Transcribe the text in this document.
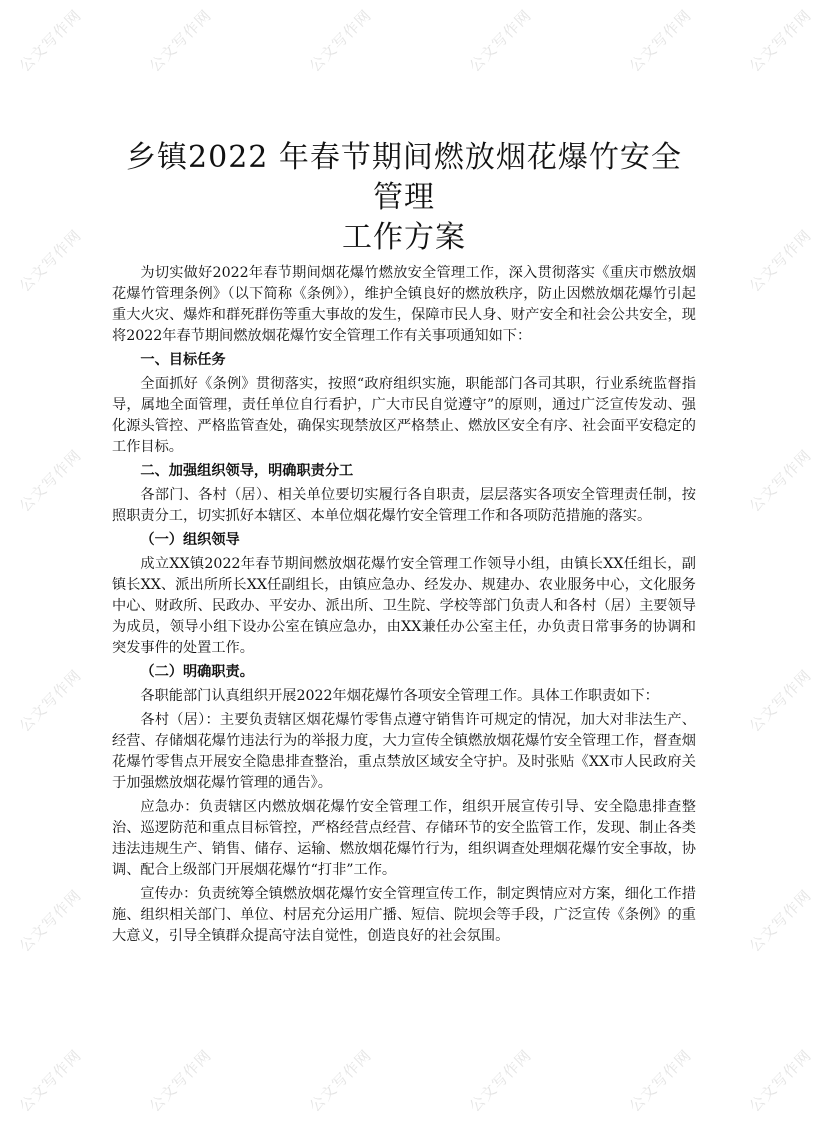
公文写作网	公文写作网	公文写作网	公文写作网	公文写作网	公文写作网
公文写作网	公文写作网
公文写作网	公文写作网
公文写作网	公文写作网
公文写作网	公文写作网
公文写作网	公文写作网	公文写作网	公文写作网	公文写作网	公文写作网
乡镇2022 年春节期间燃放烟花爆竹安全管理
工作方案

为切实做好2022年春节期间烟花爆竹燃放安全管理工作，深入贯彻落实《重庆市燃放烟花爆竹管理条例》（以下简称《条例》），维护全镇良好的燃放秩序，防止因燃放烟花爆竹引起重大火灾、爆炸和群死群伤等重大事故的发生，保障市民人身、财产安全和社会公共安全，现将2022年春节期间燃放烟花爆竹安全管理工作有关事项通知如下：

一、目标任务

全面抓好《条例》贯彻落实，按照“政府组织实施，职能部门各司其职，行业系统监督指导，属地全面管理，责任单位自行看护，广大市民自觉遵守”的原则，通过广泛宣传发动、强化源头管控、严格监管查处，确保实现禁放区严格禁止、燃放区安全有序、社会面平安稳定的工作目标。

二、加强组织领导，明确职责分工

各部门、各村（居）、相关单位要切实履行各自职责，层层落实各项安全管理责任制，按照职责分工，切实抓好本辖区、本单位烟花爆竹安全管理工作和各项防范措施的落实。

（一）组织领导

成立XX镇2022年春节期间燃放烟花爆竹安全管理工作领导小组，由镇长XX任组长，副镇长XX、派出所所长XX任副组长，由镇应急办、经发办、规建办、农业服务中心，文化服务中心、财政所、民政办、平安办、派出所、卫生院、学校等部门负责人和各村（居）主要领导为成员，领导小组下设办公室在镇应急办，由XX兼任办公室主任，办负责日常事务的协调和突发事件的处置工作。

（二）明确职责。

各职能部门认真组织开展2022年烟花爆竹各项安全管理工作。具体工作职责如下：

各村（居）：主要负责辖区烟花爆竹零售点遵守销售许可规定的情况，加大对非法生产、经营、存储烟花爆竹违法行为的举报力度，大力宣传全镇燃放烟花爆竹安全管理工作，督查烟花爆竹零售点开展安全隐患排查整治，重点禁放区域安全守护。及时张贴《XX市人民政府关于加强燃放烟花爆竹管理的通告》。

应急办：负责辖区内燃放烟花爆竹安全管理工作，组织开展宣传引导、安全隐患排查整治、巡逻防范和重点目标管控，严格经营点经营、存储环节的安全监管工作，发现、制止各类违法违规生产、销售、储存、运输、燃放烟花爆竹行为，组织调查处理烟花爆竹安全事故，协调、配合上级部门开展烟花爆竹“打非”工作。

宣传办：负责统筹全镇燃放烟花爆竹安全管理宣传工作，制定舆情应对方案，细化工作措施、组织相关部门、单位、村居充分运用广播、短信、院坝会等手段，广泛宣传《条例》的重大意义，引导全镇群众提高守法自觉性，创造良好的社会氛围。
